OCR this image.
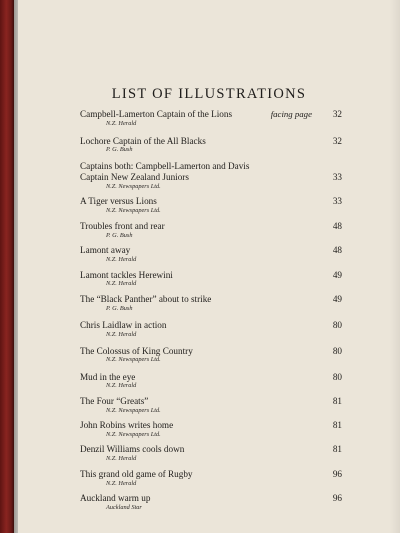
LIST OF ILLUSTRATIONS
Campbell-Lamerton Captain of the Lions
N.Z. Herald
facing page 32
Lochore Captain of the All Blacks
P. G. Bush
32
Captains both: Campbell-Lamerton and Davis
Captain New Zealand Juniors
N.Z. Newspapers Ltd.
33
A Tiger versus Lions
N.Z. Newspapers Ltd.
33
Troubles front and rear
P. G. Bush
48
Lamont away
N.Z. Herald
48
Lamont tackles Herewini
N.Z. Herald
49
The “Black Panther” about to strike
P. G. Bush
49
Chris Laidlaw in action
N.Z. Herald
80
The Colossus of King Country
N.Z. Newspapers Ltd.
80
Mud in the eye
N.Z. Herald
80
The Four “Greats”
N.Z. Newspapers Ltd.
81
John Robins writes home
N.Z. Newspapers Ltd.
81
Denzil Williams cools down
N.Z. Herald
81
This grand old game of Rugby
N.Z. Herald
96
Auckland warm up
Auckland Star
96
